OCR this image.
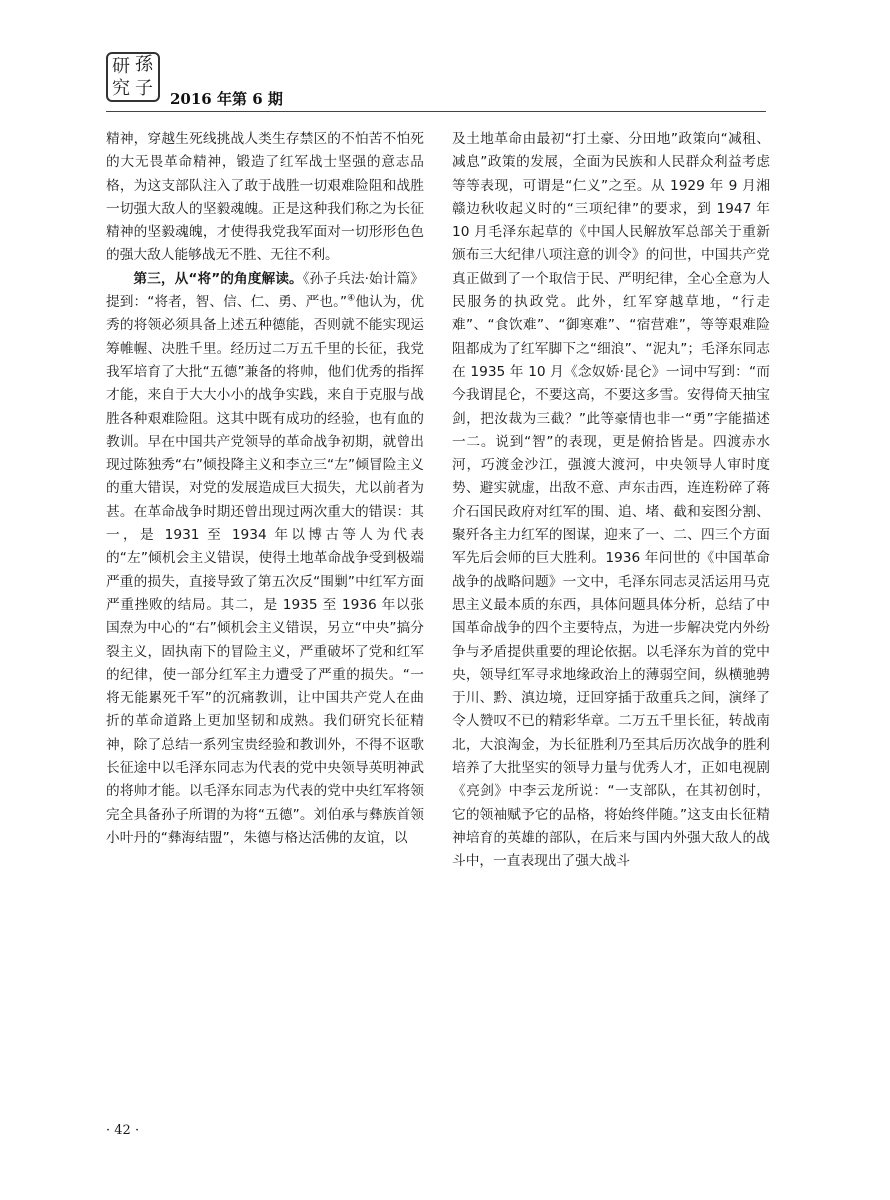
研 孫
究 子 2016 年第 6 期

精神，穿越生死线挑战人类生存禁区的不怕苦不怕死的大无畏革命精神，锻造了红军战士坚强的意志品格，为这支部队注入了敢于战胜一切艰难险阻和战胜一切强大敌人的坚毅魂魄。正是这种我们称之为长征精神的坚毅魂魄，才使得我党我军面对一切形形色色的强大敌人能够战无不胜、无往不利。

第三，从“将”的角度解读。《孙子兵法·始计篇》提到：“将者，智、信、仁、勇、严也。”④他认为，优秀的将领必须具备上述五种德能，否则就不能实现运筹帷幄、决胜千里。经历过二万五千里的长征，我党我军培育了大批“五德”兼备的将帅，他们优秀的指挥才能，来自于大大小小的战争实践，来自于克服与战胜各种艰难险阻。这其中既有成功的经验，也有血的教训。早在中国共产党领导的革命战争初期，就曾出现过陈独秀“右”倾投降主义和李立三“左”倾冒险主义的重大错误，对党的发展造成巨大损失，尤以前者为甚。在革命战争时期还曾出现过两次重大的错误：其一，是 1931 至 1934 年以博古等人为代表的“左”倾机会主义错误，使得土地革命战争受到极端严重的损失，直接导致了第五次反“围剿”中红军方面严重挫败的结局。其二，是 1935 至 1936 年以张国焘为中心的“右”倾机会主义错误，另立“中央”搞分裂主义，固执南下的冒险主义，严重破坏了党和红军的纪律，使一部分红军主力遭受了严重的损失。“一将无能累死千军”的沉痛教训，让中国共产党人在曲折的革命道路上更加坚韧和成熟。我们研究长征精神，除了总结一系列宝贵经验和教训外，不得不讴歌长征途中以毛泽东同志为代表的党中央领导英明神武的将帅才能。以毛泽东同志为代表的党中央红军将领完全具备孙子所谓的为将“五德”。刘伯承与彝族首领小叶丹的“彝海结盟”，朱德与格达活佛的友谊，以

及土地革命由最初“打土豪、分田地”政策向“减租、减息”政策的发展，全面为民族和人民群众利益考虑等等表现，可谓是“仁义”之至。从 1929 年 9 月湘赣边秋收起义时的“三项纪律”的要求，到 1947 年 10 月毛泽东起草的《中国人民解放军总部关于重新颁布三大纪律八项注意的训令》的问世，中国共产党真正做到了一个取信于民、严明纪律，全心全意为人民服务的执政党。此外，红军穿越草地，“行走难”、“食饮难”、“御寒难”、“宿营难”，等等艰难险阻都成为了红军脚下之“细浪”、“泥丸”；毛泽东同志在 1935 年 10 月《念奴娇·昆仑》一词中写到：“而今我谓昆仑，不要这高，不要这多雪。安得倚天抽宝剑，把汝裁为三截？”此等豪情也非一“勇”字能描述一二。说到“智”的表现，更是俯拾皆是。四渡赤水河，巧渡金沙江，强渡大渡河，中央领导人审时度势、避实就虚，出敌不意、声东击西，连连粉碎了蒋介石国民政府对红军的围、追、堵、截和妄图分割、聚歼各主力红军的图谋，迎来了一、二、四三个方面军先后会师的巨大胜利。1936 年问世的《中国革命战争的战略问题》一文中，毛泽东同志灵活运用马克思主义最本质的东西，具体问题具体分析，总结了中国革命战争的四个主要特点，为进一步解决党内外纷争与矛盾提供重要的理论依据。以毛泽东为首的党中央，领导红军寻求地缘政治上的薄弱空间，纵横驰骋于川、黔、滇边境，迂回穿插于敌重兵之间，演绎了令人赞叹不已的精彩华章。二万五千里长征，转战南北，大浪淘金，为长征胜利乃至其后历次战争的胜利培养了大批坚实的领导力量与优秀人才，正如电视剧《亮剑》中李云龙所说：“一支部队，在其初创时，它的领袖赋予它的品格，将始终伴随。”这支由长征精神培育的英雄的部队，在后来与国内外强大敌人的战斗中，一直表现出了强大战斗

· 42 ·
